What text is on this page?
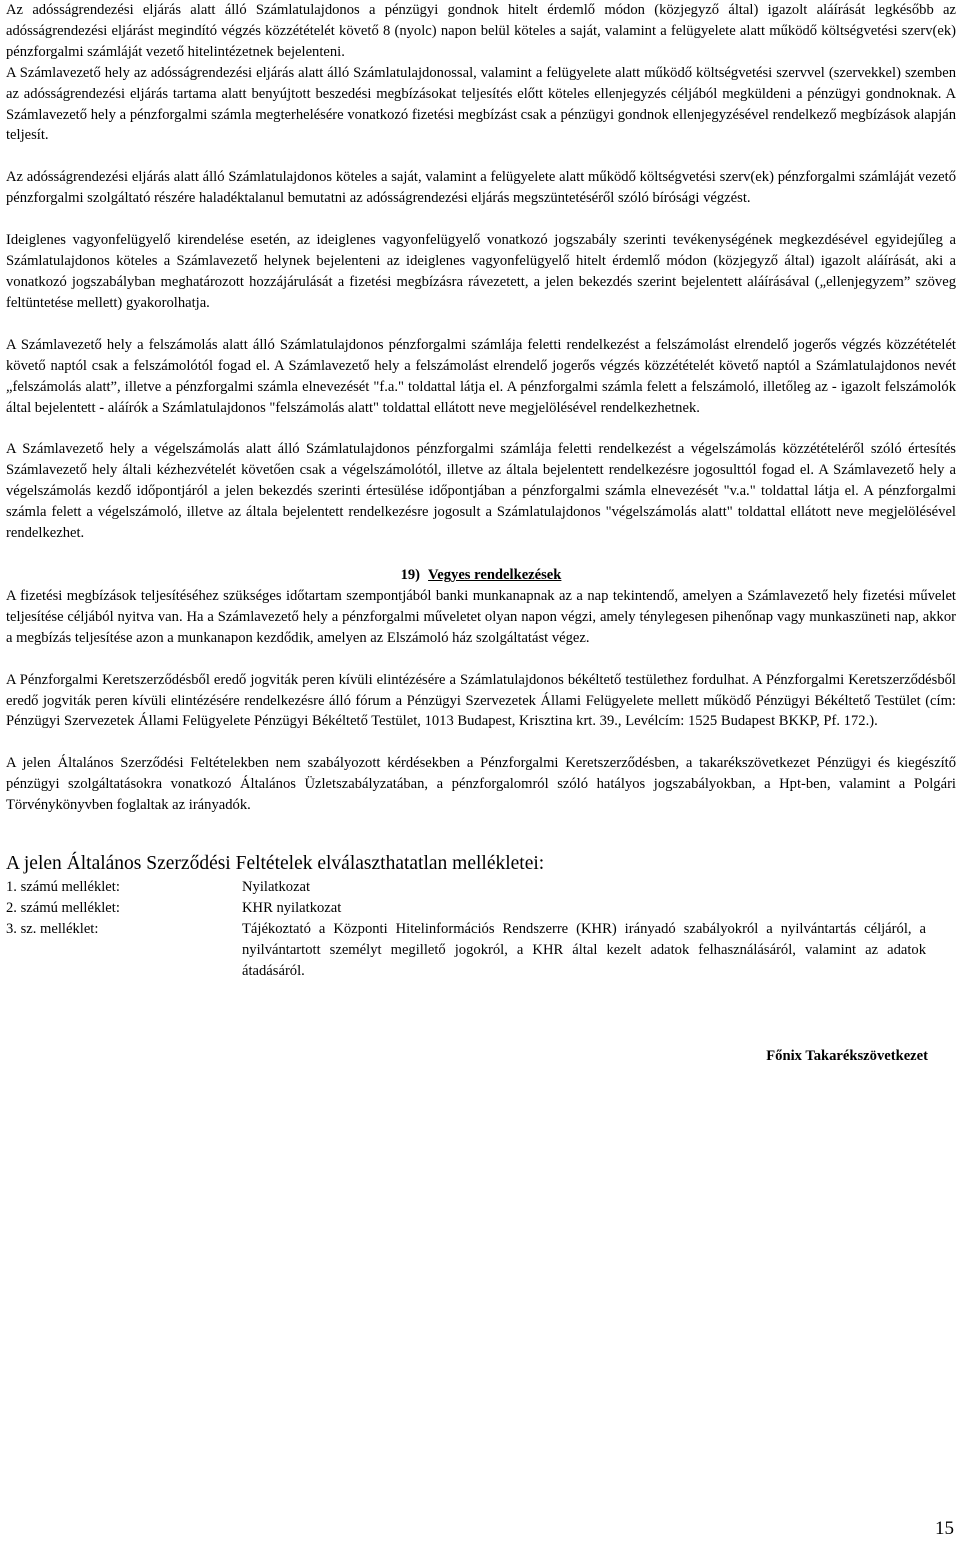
Az adósságrendezési eljárás alatt álló Számlatulajdonos a pénzügyi gondnok hitelt érdemlő módon (közjegyző által) igazolt aláírását legkésőbb az adósságrendezési eljárást megindító végzés közzétételét követő 8 (nyolc) napon belül köteles a saját, valamint a felügyelete alatt működő költségvetési szerv(ek) pénzforgalmi számláját vezető hitelintézetnek bejelenteni.

A Számlavezető hely az adósságrendezési eljárás alatt álló Számlatulajdonossal, valamint a felügyelete alatt működő költségvetési szervvel (szervekkel) szemben az adósságrendezési eljárás tartama alatt benyújtott beszedési megbízásokat teljesítés előtt köteles ellenjegyzés céljából megküldeni a pénzügyi gondnoknak. A Számlavezető hely a pénzforgalmi számla megterhelésére vonatkozó fizetési megbízást csak a pénzügyi gondnok ellenjegyzésével rendelkező megbízások alapján teljesít.

Az adósságrendezési eljárás alatt álló Számlatulajdonos köteles a saját, valamint a felügyelete alatt működő költségvetési szerv(ek) pénzforgalmi számláját vezető pénzforgalmi szolgáltató részére haladéktalanul bemutatni az adósságrendezési eljárás megszüntetéséről szóló bírósági végzést.

Ideiglenes vagyonfelügyelő kirendelése esetén, az ideiglenes vagyonfelügyelő vonatkozó jogszabály szerinti tevékenységének megkezdésével egyidejűleg a Számlatulajdonos köteles a Számlavezető helynek bejelenteni az ideiglenes vagyonfelügyelő hitelt érdemlő módon (közjegyző által) igazolt aláírását, aki a vonatkozó jogszabályban meghatározott hozzájárulását a fizetési megbízásra rávezetett, a jelen bekezdés szerint bejelentett aláírásával („ellenjegyzem” szöveg feltüntetése mellett) gyakorolhatja.

A Számlavezető hely a felszámolás alatt álló Számlatulajdonos pénzforgalmi számlája feletti rendelkezést a felszámolást elrendelő jogerős végzés közzétételét követő naptól csak a felszámolótól fogad el. A Számlavezető hely a felszámolást elrendelő jogerős végzés közzétételét követő naptól a Számlatulajdonos nevét „felszámolás alatt”, illetve a pénzforgalmi számla elnevezését "f.a." toldattal látja el. A pénzforgalmi számla felett a felszámoló, illetőleg az - igazolt felszámolók által bejelentett - aláírók a Számlatulajdonos "felszámolás alatt" toldattal ellátott neve megjelölésével rendelkezhetnek.

A Számlavezető hely a végelszámolás alatt álló Számlatulajdonos pénzforgalmi számlája feletti rendelkezést a végelszámolás közzétételéről szóló értesítés Számlavezető hely általi kézhezvételét követően csak a végelszámolótól, illetve az általa bejelentett rendelkezésre jogosulttól fogad el. A Számlavezető hely a végelszámolás kezdő időpontjáról a jelen bekezdés szerinti értesülése időpontjában a pénzforgalmi számla elnevezését "v.a." toldattal látja el. A pénzforgalmi számla felett a végelszámoló, illetve az általa bejelentett rendelkezésre jogosult a Számlatulajdonos "végelszámolás alatt" toldattal ellátott neve megjelölésével rendelkezhet.

19) Vegyes rendelkezések

A fizetési megbízások teljesítéséhez szükséges időtartam szempontjából banki munkanapnak az a nap tekintendő, amelyen a Számlavezető hely fizetési művelet teljesítése céljából nyitva van. Ha a Számlavezető hely a pénzforgalmi műveletet olyan napon végzi, amely ténylegesen pihenőnap vagy munkaszüneti nap, akkor a megbízás teljesítése azon a munkanapon kezdődik, amelyen az Elszámoló ház szolgáltatást végez.

A Pénzforgalmi Keretszerződésből eredő jogviták peren kívüli elintézésére a Számlatulajdonos békéltető testülethez fordulhat. A Pénzforgalmi Keretszerződésből eredő jogviták peren kívüli elintézésére rendelkezésre álló fórum a Pénzügyi Szervezetek Állami Felügyelete mellett működő Pénzügyi Békéltető Testület (cím: Pénzügyi Szervezetek Állami Felügyelete Pénzügyi Békéltető Testület, 1013 Budapest, Krisztina krt. 39., Levélcím: 1525 Budapest BKKP, Pf. 172.).

A jelen Általános Szerződési Feltételekben nem szabályozott kérdésekben a Pénzforgalmi Keretszerződésben, a takarékszövetkezet Pénzügyi és kiegészítő pénzügyi szolgáltatásokra vonatkozó Általános Üzletszabályzatában, a pénzforgalomról szóló hatályos jogszabályokban, a Hpt-ben, valamint a Polgári Törvénykönyvben foglaltak az irányadók.

A jelen Általános Szerződési Feltételek elválaszthatatlan mellékletei:
1. számú melléklet:	Nyilatkozat
2. számú melléklet:	KHR nyilatkozat
3. sz. melléklet:	Tájékoztató a Központi Hitelinformációs Rendszerre (KHR) irányadó szabályokról a nyilvántartás céljáról, a nyilvántartott személyt megillető jogokról, a KHR által kezelt adatok felhasználásáról, valamint az adatok átadásáról.
Főnix Takarékszövetkezet
15
